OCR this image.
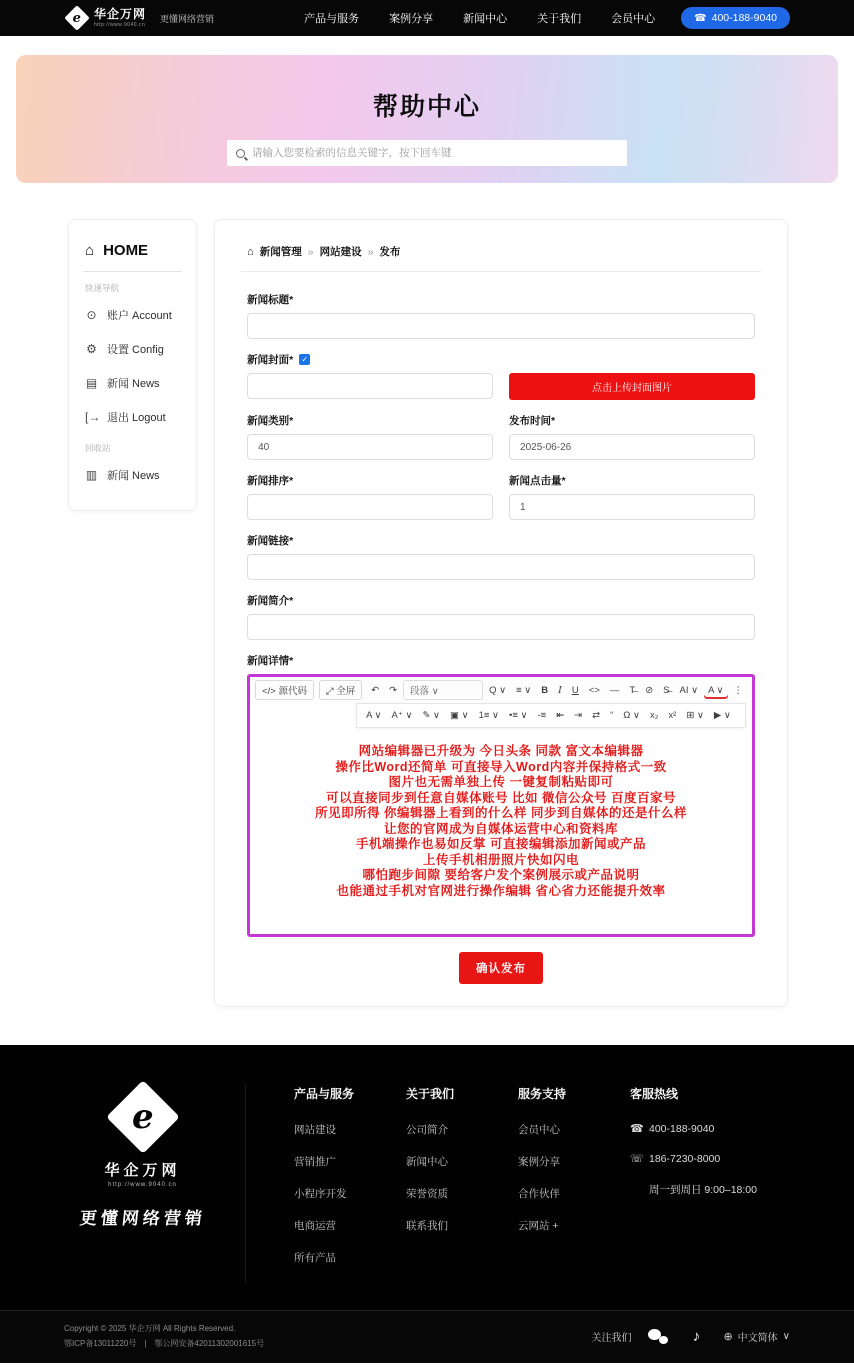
e 华企万网
http://www.9040.cn
更懂网络营销	产品与服务	案例分享	新闻中心	关于我们	会员中心	☎ 400-188-9040
帮助中心
请输入您要检索的信息关键字，按下回车键
⌂ HOME
快速导航
⊙ 账户 Account
⚙ 设置 Config
▤ 新闻 News
[→ 退出 Logout
回收站
▥ 新闻 News
⌂ 新闻管理	» 网站建设	» 发布
新闻标题*
新闻封面* ✓
点击上传封面图片
新闻类别*
40	发布时间*
2025-06-26
新闻排序*	新闻点击量*
1
新闻链接*
新闻简介*
新闻详情*
</> 源代码	⤢ 全屏	↶	↷	段落 ∨	Q ∨	≡ ∨	B	I	U	<>	—	T̶	⊘	S̶	AI ∨	A ∨	⋮
A ∨	A⁺ ∨	✎ ∨	▣ ∨	1≡ ∨	•≡ ∨	-≡	⇤	⇥	⇄	“	Ω ∨	x₂	x²	⊞ ∨	▶ ∨
网站编辑器已升级为 今日头条 同款 富文本编辑器
操作比Word还简单 可直接导入Word内容并保持格式一致
图片也无需单独上传 一键复制粘贴即可
可以直接同步到任意自媒体账号 比如 微信公众号 百度百家号
所见即所得 你编辑器上看到的什么样 同步到自媒体的还是什么样
让您的官网成为自媒体运营中心和资料库
手机端操作也易如反掌 可直接编辑添加新闻或产品
上传手机相册照片快如闪电
哪怕跑步间隙 要给客户发个案例展示或产品说明
也能通过手机对官网进行操作编辑 省心省力还能提升效率
确认发布
e
华企万网
http://www.9040.cn
更懂网络营销
产品与服务
网站建设
营销推广
小程序开发
电商运营
所有产品
关于我们
公司简介
新闻中心
荣誉资质
联系我们
服务支持
会员中心
案例分享
合作伙伴
云网站 +
客服热线
☎ 400-188-9040
☏ 186-7230-8000
周一到周日 9:00–18:00
Copyright © 2025 华企万网 All Rights Reserved.
鄂ICP备13011220号　|　鄂公网安备42011302001615号	关注我们	♪	⊕ 中文简体 ∨
